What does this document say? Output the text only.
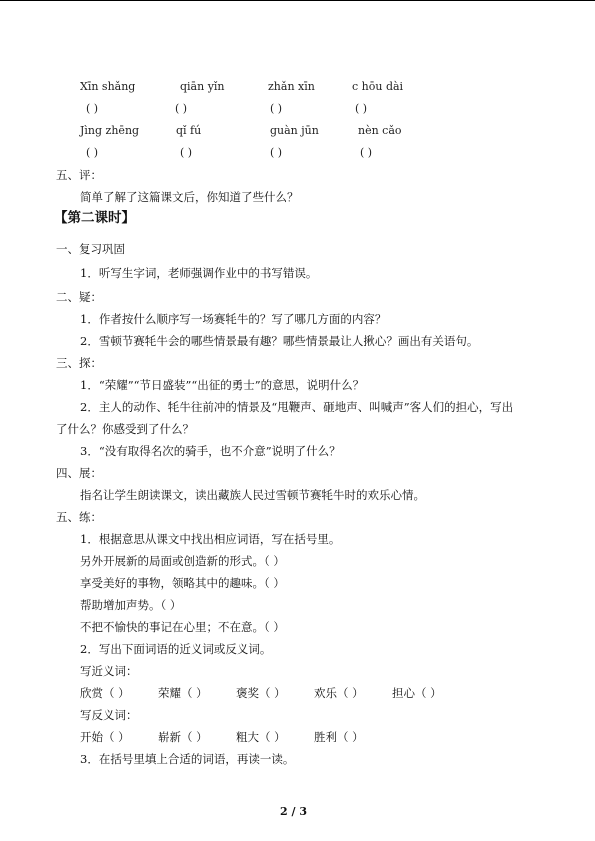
Xīn shǎng	qiān yǐn	zhǎn xīn	c hōu dài
( )	( )	( )	( )
Jìng zhēng	qǐ fú	guàn jūn	nèn cǎo
( )	( )	( )	( )
五、评：
简单了解了这篇课文后，你知道了些什么？
【第二课时】
一、复习巩固
1．听写生字词，老师强调作业中的书写错误。
二、疑：
1．作者按什么顺序写一场赛牦牛的？写了哪几方面的内容？
2．雪顿节赛牦牛会的哪些情景最有趣？哪些情景最让人揪心？画出有关语句。
三、探：
1．“荣耀”“节日盛装”“出征的勇士”的意思，说明什么？
2．主人的动作、牦牛往前冲的情景及“甩鞭声、砸地声、叫喊声”客人们的担心，写出
了什么？你感受到了什么？
3．“没有取得名次的骑手，也不介意”说明了什么？
四、展：
指名让学生朗读课文，读出藏族人民过雪顿节赛牦牛时的欢乐心情。
五、练：
1．根据意思从课文中找出相应词语，写在括号里。
另外开展新的局面或创造新的形式。（ ）
享受美好的事物，领略其中的趣味。（ ）
帮助增加声势。（ ）
不把不愉快的事记在心里；不在意。（ ）
2．写出下面词语的近义词或反义词。
写近义词：
欣赏（ ） 荣耀（ ） 褒奖（ ） 欢乐（ ） 担心（ ）
写反义词：
开始（ ） 崭新（ ） 粗大（ ） 胜利（ ）
3．在括号里填上合适的词语，再读一读。
2 / 3
